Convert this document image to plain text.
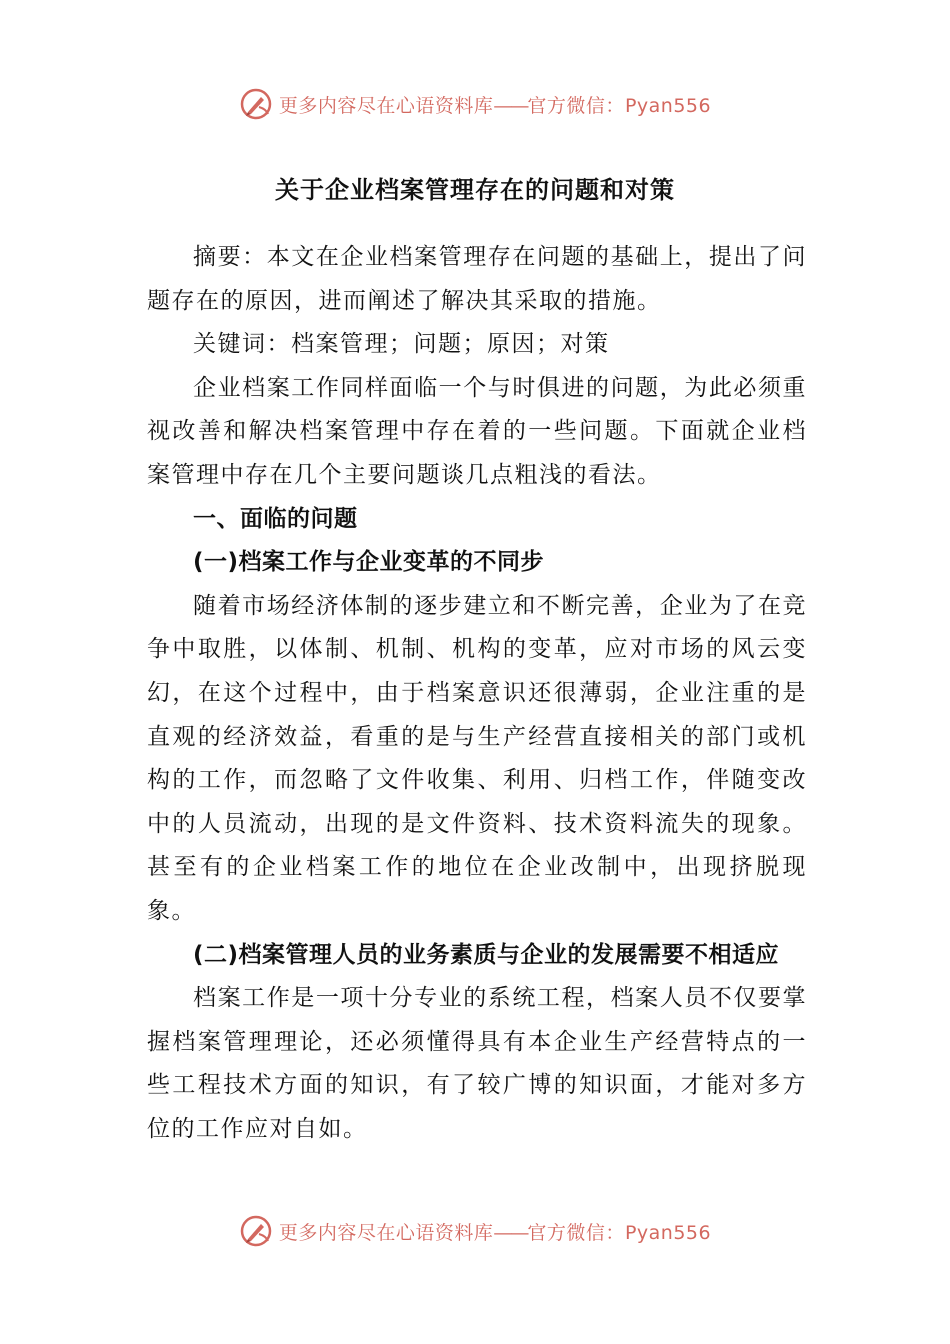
更多内容尽在心语资料库——官方微信：Pyan556
关于企业档案管理存在的问题和对策

摘要：本文在企业档案管理存在问题的基础上，提出了问题存在的原因，进而阐述了解决其采取的措施。

关键词：档案管理；问题；原因；对策

企业档案工作同样面临一个与时俱进的问题，为此必须重视改善和解决档案管理中存在着的一些问题。下面就企业档案管理中存在几个主要问题谈几点粗浅的看法。

一、面临的问题

(一)档案工作与企业变革的不同步

随着市场经济体制的逐步建立和不断完善，企业为了在竞争中取胜，以体制、机制、机构的变革，应对市场的风云变幻，在这个过程中，由于档案意识还很薄弱，企业注重的是直观的经济效益，看重的是与生产经营直接相关的部门或机构的工作，而忽略了文件收集、利用、归档工作，伴随变改中的人员流动，出现的是文件资料、技术资料流失的现象。甚至有的企业档案工作的地位在企业改制中，出现挤脱现象。

(二)档案管理人员的业务素质与企业的发展需要不相适应

档案工作是一项十分专业的系统工程，档案人员不仅要掌握档案管理理论，还必须懂得具有本企业生产经营特点的一些工程技术方面的知识，有了较广博的知识面，才能对多方位的工作应对自如。

更多内容尽在心语资料库——官方微信：Pyan556
